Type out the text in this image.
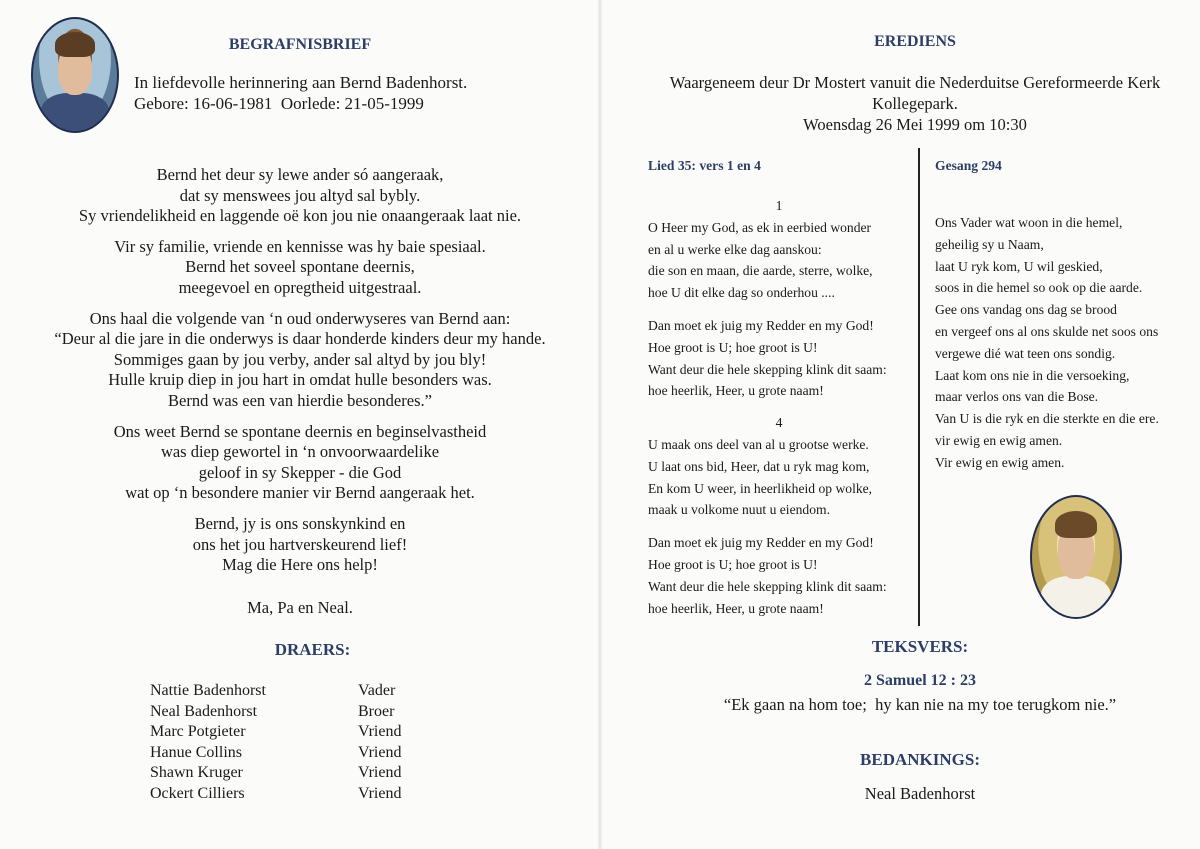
BEGRAFNISBRIEF
In liefdevolle herinnering aan Bernd Badenhorst.
Gebore: 16-06-1981  Oorlede: 21-05-1999

Bernd het deur sy lewe ander só aangeraak,

dat sy menswees jou altyd sal bybly.

Sy vriendelikheid en laggende oë kon jou nie onaangeraak laat nie.

Vir sy familie, vriende en kennisse was hy baie spesiaal.

Bernd het soveel spontane deernis,

meegevoel en opregtheid uitgestraal.

Ons haal die volgende van ‘n oud onderwyseres van Bernd aan:

“Deur al die jare in die onderwys is daar honderde kinders deur my hande.

Sommiges gaan by jou verby, ander sal altyd by jou bly!

Hulle kruip diep in jou hart in omdat hulle besonders was.

Bernd was een van hierdie besonderes.”

Ons weet Bernd se spontane deernis en beginselvastheid

was diep gewortel in ‘n onvoorwaardelike

geloof in sy Skepper - die God

wat op ‘n besondere manier vir Bernd aangeraak het.

Bernd, jy is ons sonskynkind en

ons het jou hartverskeurend lief!

Mag die Here ons help!

Ma, Pa en Neal.
DRAERS:
Nattie Badenhorst	Vader
Neal Badenhorst	Broer
Marc Potgieter	Vriend
Hanue Collins	Vriend
Shawn Kruger	Vriend
Ockert Cilliers	Vriend
EREDIENS
Waargeneem deur Dr Mostert vanuit die Nederduitse Gereformeerde Kerk
Kollegepark.
Woensdag 26 Mei 1999 om 10:30
Lied 35: vers 1 en 4

1

O Heer my God, as ek in eerbied wonder

en al u werke elke dag aanskou:

die son en maan, die aarde, sterre, wolke,

hoe U dit elke dag so onderhou ....

Dan moet ek juig my Redder en my God!

Hoe groot is U; hoe groot is U!

Want deur die hele skepping klink dit saam:

hoe heerlik, Heer, u grote naam!

4

U maak ons deel van al u grootse werke.

U laat ons bid, Heer, dat u ryk mag kom,

En kom U weer, in heerlikheid op wolke,

maak u volkome nuut u eiendom.

Dan moet ek juig my Redder en my God!

Hoe groot is U; hoe groot is U!

Want deur die hele skepping klink dit saam:

hoe heerlik, Heer, u grote naam!

Gesang 294

Ons Vader wat woon in die hemel,

geheilig sy u Naam,

laat U ryk kom, U wil geskied,

soos in die hemel so ook op die aarde.

Gee ons vandag ons dag se brood

en vergeef ons al ons skulde net soos ons

vergewe dié wat teen ons sondig.

Laat kom ons nie in die versoeking,

maar verlos ons van die Bose.

Van U is die ryk en die sterkte en die ere.

vir ewig en ewig amen.

Vir ewig en ewig amen.

TEKSVERS:
2 Samuel 12 : 23
“Ek gaan na hom toe;  hy kan nie na my toe terugkom nie.”
BEDANKINGS:
Neal Badenhorst
